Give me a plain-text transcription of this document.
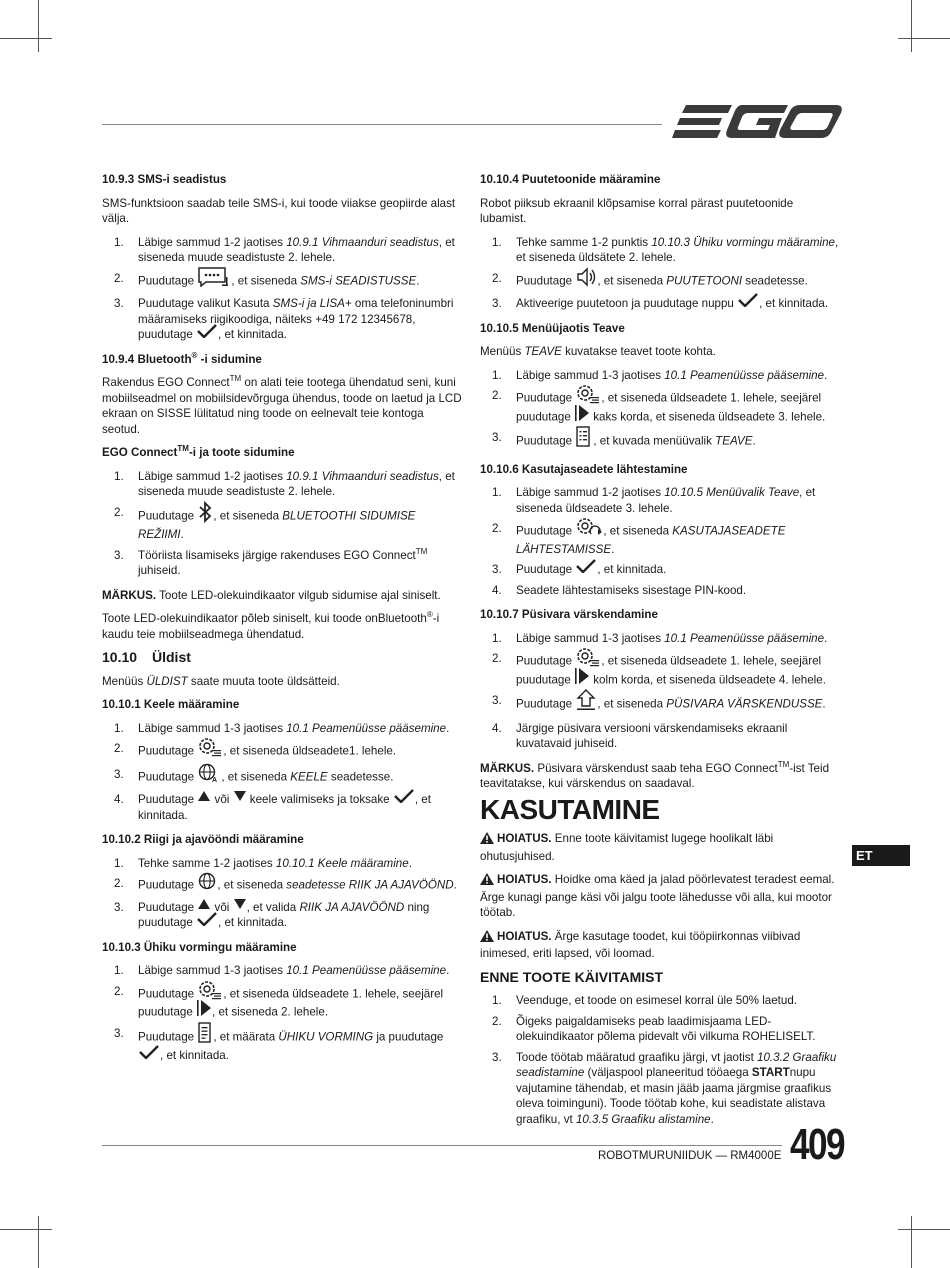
10.9.3 SMS-i seadistus
SMS-funktsioon saadab teile SMS-i, kui toode viiakse geopiirde alast välja.
1. Läbige sammud 1-2 jaotises 10.9.1 Vihmaanduri seadistus, et siseneda muude seadistuste 2. lehele.
2. Puudutage	, et siseneda SMS-i SEADISTUSSE.
3. Puudutage valikut Kasuta SMS-i ja LISA+ oma telefoninumbri määramiseks riigikoodiga, näiteks +49 172 12345678, puudutage , et kinnitada.
10.9.4 Bluetooth® -i sidumine
Rakendus EGO Connect™ on alati teie tootega ühendatud seni, kuni mobiilseadmel on mobiilsidevõrguga ühendus, toode on laetud ja LCD ekraan on SISSE lülitatud ning toode on eelnevalt teie kontoga seotud.
EGO Connect™-i ja toote sidumine
1. Läbige sammud 1-2 jaotises 10.9.1 Vihmaanduri seadistus, et siseneda muude seadistuste 2. lehele.
2. Puudutage , et siseneda BLUETOOTHI SIDUMISE REŽIIMI.
3. Tööriista lisamiseks järgige rakenduses EGO Connect™ juhiseid.
MÄRKUS. Toote LED-olekuindikaator vilgub sidumise ajal siniselt.
Toote LED-olekuindikaator põleb siniselt, kui toode onBluetooth®-i kaudu teie mobiilseadmega ühendatud.
10.10 Üldist
Menüüs ÜLDIST saate muuta toote üldsätteid.
10.10.1 Keele määramine
1. Läbige sammud 1-3 jaotises 10.1 Peamenüüsse pääsemine.
2. Puudutage , et siseneda üldseadete1. lehele.
3. Puudutage A , et siseneda KEELE seadetesse.
4. Puudutage  või  keele valimiseks ja toksake , et kinnitada.
10.10.2 Riigi ja ajavööndi määramine
1. Tehke samme 1-2 jaotises 10.10.1 Keele määramine.
2. Puudutage , et siseneda seadetesse RIIK JA AJAVÖÖND.
3. Puudutage  või , et valida RIIK JA AJAVÖÖND ning puudutage , et kinnitada.
10.10.3 Ühiku vormingu määramine
1. Läbige sammud 1-3 jaotises 10.1 Peamenüüsse pääsemine.
2. Puudutage , et siseneda üldseadete 1. lehele, seejärel puudutage , et siseneda 2. lehele.
3. Puudutage , et määrata ÜHIKU VORMING ja puudutage , et kinnitada.
10.10.4 Puutetoonide määramine
Robot piiksub ekraanil klõpsamise korral pärast puutetoonide lubamist.
1. Tehke samme 1-2 punktis 10.10.3 Ühiku vormingu määramine, et siseneda üldsätete 2. lehele.
2. Puudutage , et siseneda PUUTETOONI seadetesse.
3. Aktiveerige puutetoon ja puudutage nuppu , et kinnitada.
10.10.5 Menüüjaotis Teave
Menüüs TEAVE kuvatakse teavet toote kohta.
1. Läbige sammud 1-3 jaotises 10.1 Peamenüüsse pääsemine.
2. Puudutage , et siseneda üldseadete 1. lehele, seejärel puudutage  kaks korda, et siseneda üldseadete 3. lehele.
3. Puudutage , et kuvada menüüvalik TEAVE.
10.10.6 Kasutajaseadete lähtestamine
1. Läbige sammud 1-2 jaotises 10.10.5 Menüüvalik Teave, et siseneda üldseadete 3. lehele.
2. Puudutage , et siseneda KASUTAJASEADETE LÄHTESTAMISSE.
3. Puudutage , et kinnitada.
4. Seadete lähtestamiseks sisestage PIN-kood.
10.10.7 Püsivara värskendamine
1. Läbige sammud 1-3 jaotises 10.1 Peamenüüsse pääsemine.
2. Puudutage , et siseneda üldseadete 1. lehele, seejärel puudutage  kolm korda, et siseneda üldseadete 4. lehele.
3. Puudutage , et siseneda PÜSIVARA VÄRSKENDUSSE.
4. Järgige püsivara versiooni värskendamiseks ekraanil kuvatavaid juhiseid.
MÄRKUS. Püsivara värskendust saab teha EGO Connect™-ist Teid teavitatakse, kui värskendus on saadaval.
KASUTAMINE
HOIATUS. Enne toote käivitamist lugege hoolikalt läbi ohutusjuhised.
HOIATUS. Hoidke oma käed ja jalad pöörlevatest teradest eemal. Ärge kunagi pange käsi või jalgu toote lähedusse või alla, kui mootor töötab.
HOIATUS. Ärge kasutage toodet, kui tööpiirkonnas viibivad inimesed, eriti lapsed, või loomad.
ENNE TOOTE KÄIVITAMIST
1. Veenduge, et toode on esimesel korral üle 50% laetud.
2. Õigeks paigaldamiseks peab laadimisjaama LED-olekuindikaator põlema pidevalt või vilkuma ROHELISELT.
3. Toode töötab määratud graafiku järgi, vt jaotist 10.3.2 Graafiku seadistamine (väljaspool planeeritud tööaega STARTnupu vajutamine tähendab, et masin jääb jaama järgmise graafikus oleva toiminguni). Toode töötab kohe, kui seadistate alistava graafiku, vt 10.3.5 Graafiku alistamine.
ET
ROBOTMURUNIIDUK — RM4000E 409
